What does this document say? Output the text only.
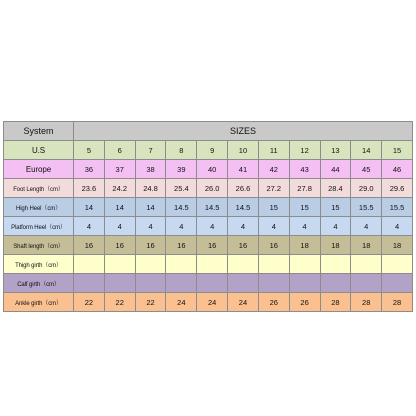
System	SIZES										
U.S	5	6	7	8	9	10	11	12	13	14	15
Europe	36	37	38	39	40	41	42	43	44	45	46
Foot Length（cm）	23.6	24.2	24.8	25.4	26.0	26.6	27.2	27.8	28.4	29.0	29.6
High Heel（cm）	14	14	14	14.5	14.5	14.5	15	15	15	15.5	15.5
Platform Heel（cm）	4	4	4	4	4	4	4	4	4	4	4
Shaft length（cm）	16	16	16	16	16	16	16	18	18	18	18
Thigh girth（cm）											
Calf girth（cm）											
Ankle girth（cm）	22	22	22	24	24	24	26	26	28	28	28
